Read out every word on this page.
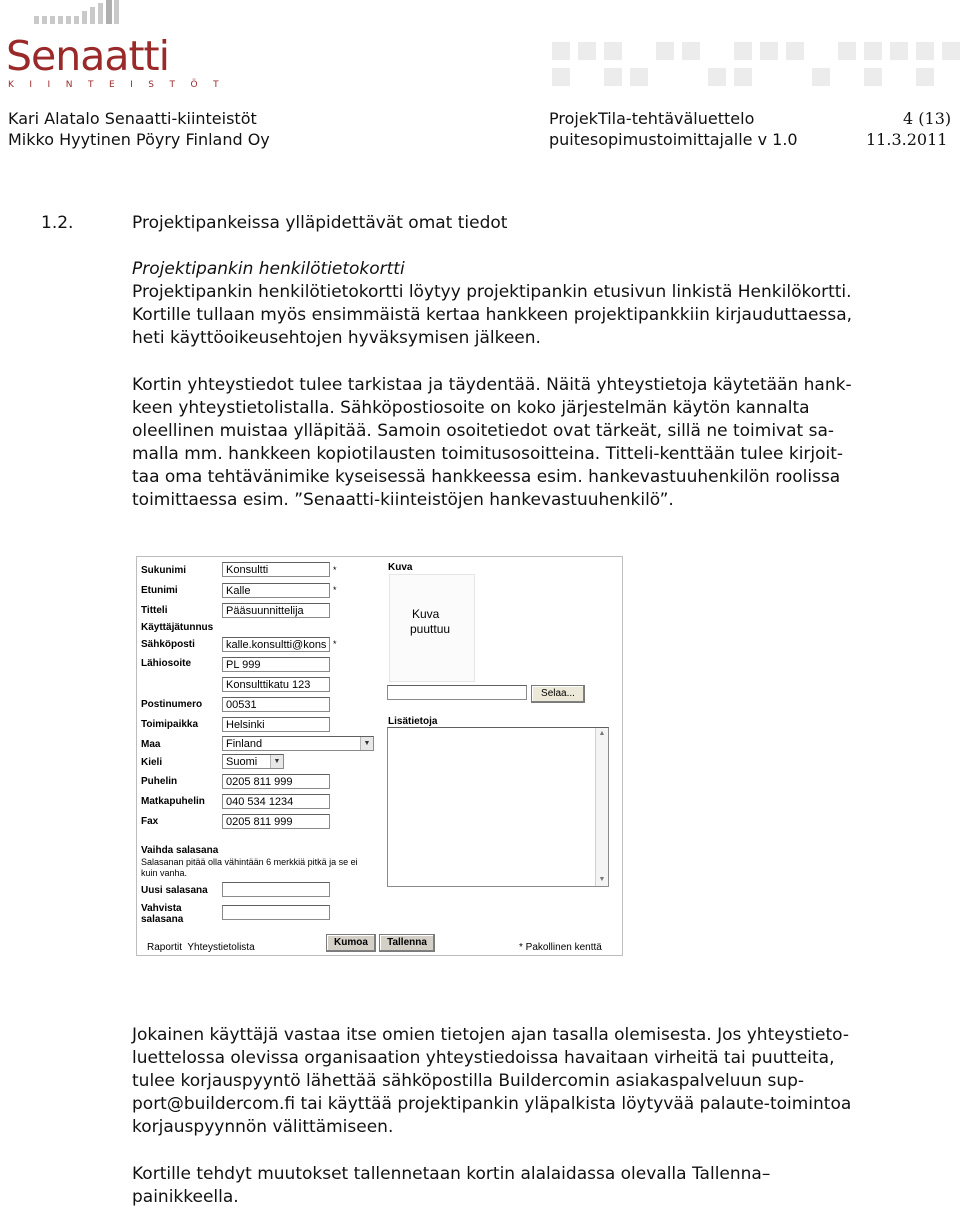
Senaatti
KIINTEISTÖT
Kari Alatalo Senaatti-kiinteistöt
Mikko Hyytinen Pöyry Finland Oy
ProjekTila-tehtäväluettelo
puitesopimustoimittajalle v 1.0
4 (13)
11.3.2011
1.2.	Projektipankeissa ylläpidettävät omat tiedot
Projektipankin henkilötietokortti
Projektipankin henkilötietokortti löytyy projektipankin etusivun linkistä Henkilökortti.
Kortille tullaan myös ensimmäistä kertaa hankkeen projektipankkiin kirjauduttaessa,
heti käyttöoikeusehtojen hyväksymisen jälkeen.
Kortin yhteystiedot tulee tarkistaa ja täydentää. Näitä yhteystietoja käytetään hank-
keen yhteystietolistalla. Sähköpostiosoite on koko järjestelmän käytön kannalta
oleellinen muistaa ylläpitää. Samoin osoitetiedot ovat tärkeät, sillä ne toimivat sa-
malla mm. hankkeen kopiotilausten toimitusosoitteina. Titteli-kenttään tulee kirjoit-
taa oma tehtävänimike kyseisessä hankkeessa esim. hankevastuuhenkilön roolissa
toimittaessa esim. ”Senaatti-kiinteistöjen hankevastuuhenkilö”.
Sukunimi	Konsultti	*
Etunimi	Kalle	*
Titteli	Pääsuunnittelija
Käyttäjätunnus
Sähköposti	kalle.konsultti@kons *
Lähiosoite	PL 999
Konsulttikatu 123
Postinumero	00531
Toimipaikka	Helsinki
Maa	Finland	▼
Kieli	Suomi	▼
Puhelin	0205 811 999
Matkapuhelin	040 534 1234
Fax	0205 811 999
Vaihda salasana
Salasanan pitää olla vähintään 6 merkkiä pitkä ja se ei
kuin vanha.
Uusi salasana
Vahvista
salasana
Raportit  Yhteystietolista	Kumoa	Tallenna	* Pakollinen kenttä
Kuva
Kuva
puuttuu
Selaa...
Lisätietoja
▲
▼
Jokainen käyttäjä vastaa itse omien tietojen ajan tasalla olemisesta. Jos yhteystieto-
luettelossa olevissa organisaation yhteystiedoissa havaitaan virheitä tai puutteita,
tulee korjauspyyntö lähettää sähköpostilla Buildercomin asiakaspalveluun sup-
port@buildercom.fi tai käyttää projektipankin yläpalkista löytyvää palaute-toimintoa
korjauspyynnön välittämiseen.
Kortille tehdyt muutokset tallennetaan kortin alalaidassa olevalla Tallenna–
painikkeella.
